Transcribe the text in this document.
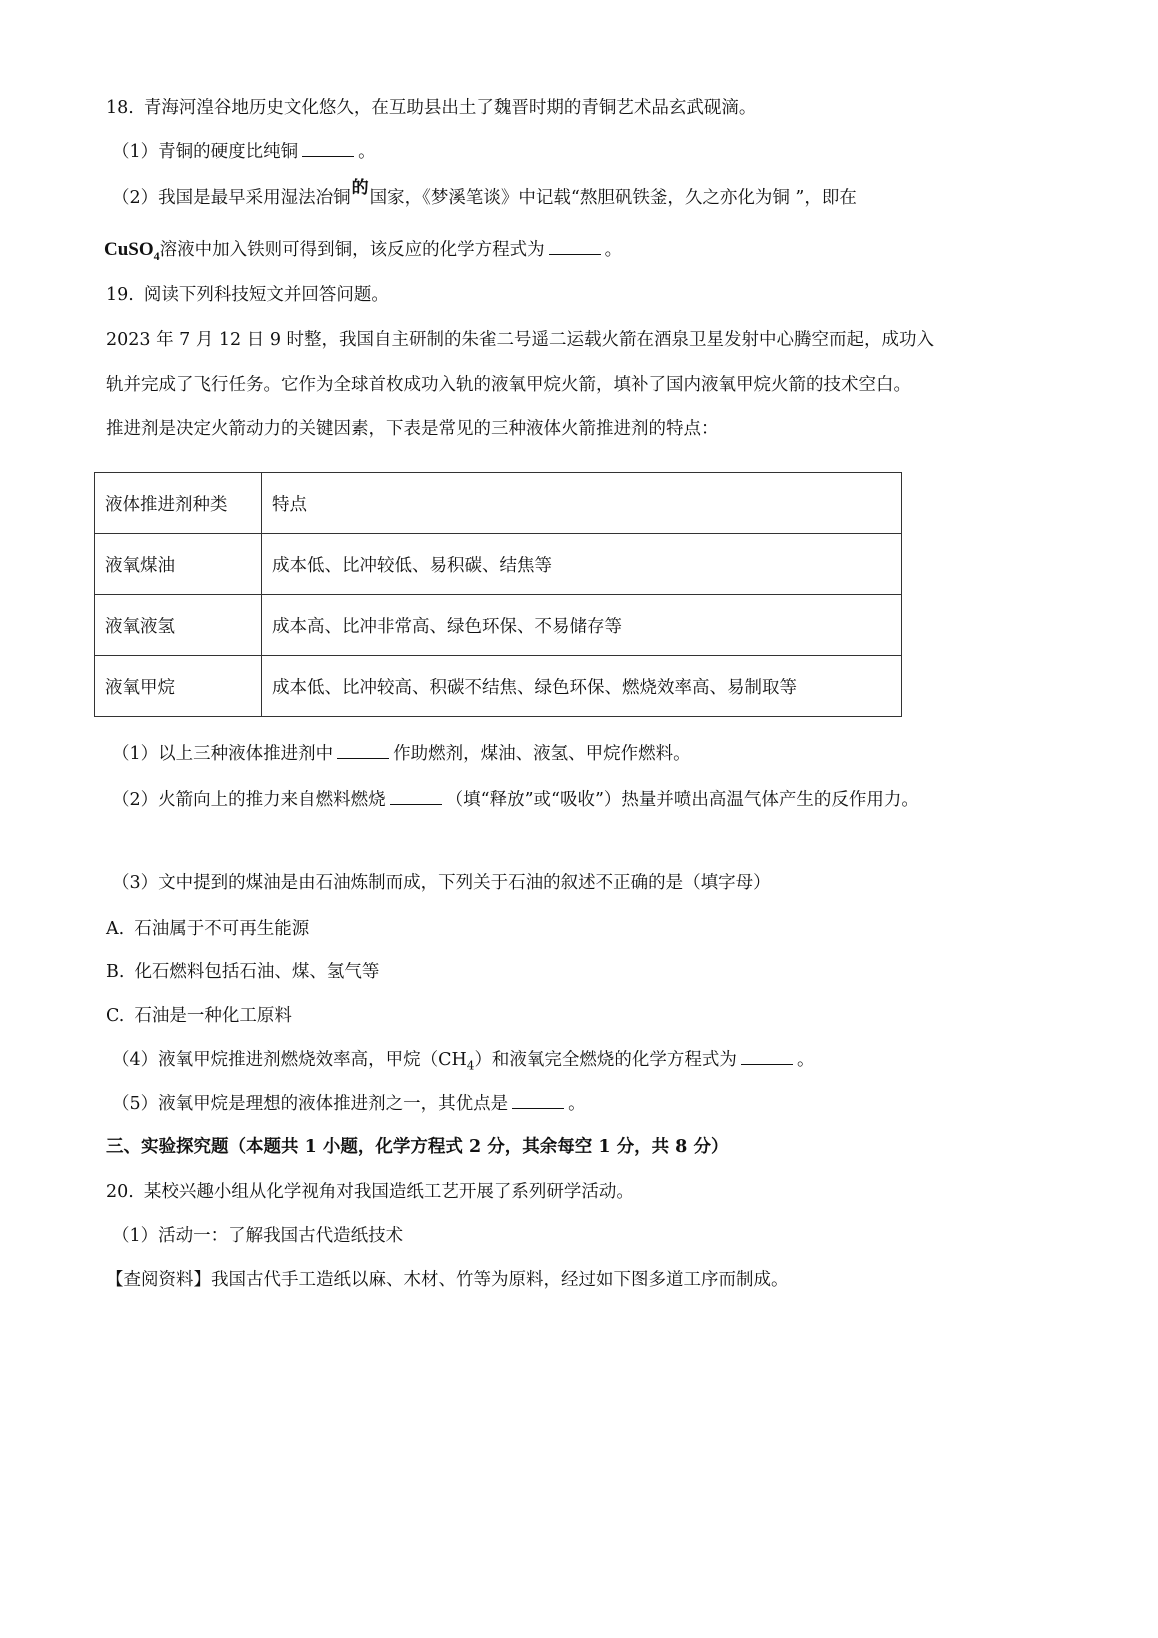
18. 青海河湟谷地历史文化悠久，在互助县出土了魏晋时期的青铜艺术品玄武砚滴。
（1）青铜的硬度比纯铜	。
（2）我国是最早采用湿法冶铜的国家，《梦溪笔谈》中记载“熬胆矾铁釜，久之亦化为铜 ”，即在
CuSO$_4$溶液中加入铁则可得到铜，该反应的化学方程式为	。
19. 阅读下列科技短文并回答问题。
2023 年 7 月 12 日 9 时整，我国自主研制的朱雀二号遥二运载火箭在酒泉卫星发射中心腾空而起，成功入
轨并完成了飞行任务。它作为全球首枚成功入轨的液氧甲烷火箭，填补了国内液氧甲烷火箭的技术空白。
推进剂是决定火箭动力的关键因素，下表是常见的三种液体火箭推进剂的特点：
液体推进剂种类	特点
液氧煤油	成本低、比冲较低、易积碳、结焦等
液氧液氢	成本高、比冲非常高、绿色环保、不易储存等
液氧甲烷	成本低、比冲较高、积碳不结焦、绿色环保、燃烧效率高、易制取等
（1）以上三种液体推进剂中	作助燃剂，煤油、液氢、甲烷作燃料。
（2）火箭向上的推力来自燃料燃烧	（填“释放”或“吸收”）热量并喷出高温气体产生的反作用力。
（3）文中提到的煤油是由石油炼制而成，下列关于石油的叙述不正确的是（填字母）
A. 石油属于不可再生能源
B. 化石燃料包括石油、煤、氢气等
C. 石油是一种化工原料
（4）液氧甲烷推进剂燃烧效率高，甲烷$(CH_4)$和液氧完全燃烧的化学方程式为	。
（5）液氧甲烷是理想的液体推进剂之一，其优点是	。
三、实验探究题（本题共 1 小题，化学方程式 2 分，其余每空 1 分，共 8 分）
20. 某校兴趣小组从化学视角对我国造纸工艺开展了系列研学活动。
（1）活动一：了解我国古代造纸技术
【查阅资料】我国古代手工造纸以麻、木材、竹等为原料，经过如下图多道工序而制成。
